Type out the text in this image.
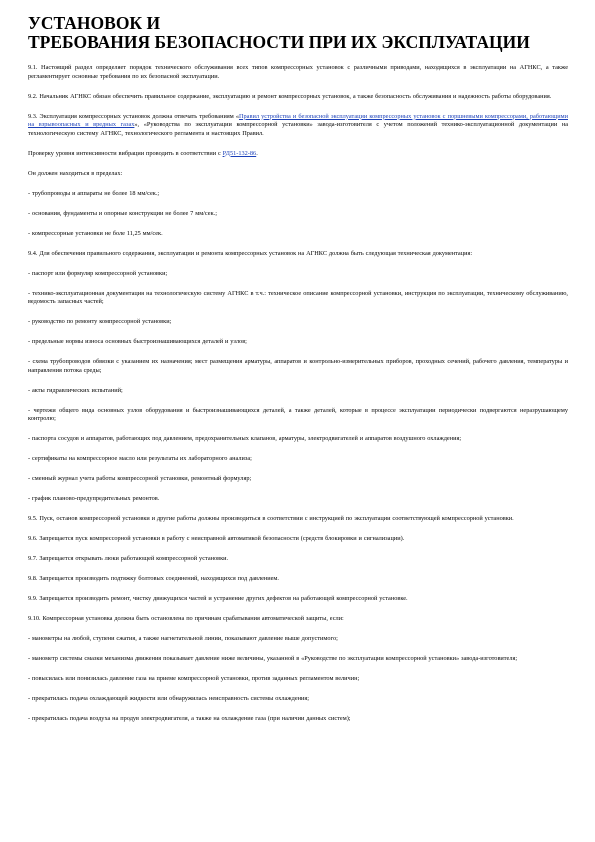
УСТАНОВОК И
ТРЕБОВАНИЯ БЕЗОПАСНОСТИ ПРИ ИХ ЭКСПЛУАТАЦИИ

9.1. Настоящий раздел определяет порядок технического обслуживания всех типов компрессорных установок с различными приводами, находящихся в эксплуатации на АГНКС, а также регламентирует основные требования по их безопасной эксплуатации.

9.2. Начальник АГНКС обязан обеспечить правильное содержание, эксплуатацию и ремонт компрессорных установок, а также безопасность обслуживания и надежность работы оборудования.

9.3. Эксплуатация компрессорных установок должна отвечать требованиям «Правил устройства и безопасной эксплуатации компрессорных установок с поршневыми компрессорами, работающими на взрывоопасных и вредных газах», «Руководства по эксплуатации компрессорной установки» завода-изготовителя с учетом положений технико-эксплуатационной документации на технологическую систему АГНКС, технологического регламента и настоящих Правил.

Проверку уровня интенсивности вибрации проводить в соответствии с РД51-132-86.

Он должен находиться в пределах:

- трубопроводы и аппараты не более 18 мм/сек.;

- основания, фундаменты и опорные конструкции не более 7 мм/сек.;

- компрессорные установки не боле 11,25 мм/сек.

9.4. Для обеспечения правильного содержания, эксплуатации и ремонта компрессорных установок на АГНКС должна быть следующая техническая документация:

- паспорт или формуляр компрессорной установки;

- технико-эксплуатационная документация на технологическую систему АГНКС в т.ч.: техническое описание компрессорной установки, инструкция по эксплуатации, техническому обслуживанию, ведомость запасных частей;

- руководство по ремонту компрессорной установки;

- предельные нормы износа основных быстроизнашивающихся деталей и узлов;

- схема трубопроводов обвязки с указанием их назначения; мест размещения арматуры, аппаратов и контрольно-измерительных приборов, проходных сечений, рабочего давления, температуры и направления потока среды;

- акты гидравлических испытаний;

- чертежи общего вида основных узлов оборудования и быстроизнашивающихся деталей, а также деталей, которые в процессе эксплуатации периодически подвергаются неразрушающему контролю;

- паспорта сосудов и аппаратов, работающих под давлением, предохранительных клапанов, арматуры, электродвигателей и аппаратов воздушного охлаждения;

- сертификаты на компрессорное масло или результаты их лабораторного анализа;

- сменный журнал учета работы компрессорной установки, ремонтный формуляр;

- график планово-предупредительных ремонтов.

9.5. Пуск, останов компрессорной установки и другие работы должны производиться в соответствии с инструкцией по эксплуатации соответствующей компрессорной установки.

9.6. Запрещается пуск компрессорной установки в работу с неисправной автоматикой безопасности (средств блокировки и сигнализации).

9.7. Запрещается открывать люки работающей компрессорной установки.

9.8. Запрещается производить подтяжку болтовых соединений, находящихся под давлением.

9.9. Запрещается производить ремонт, чистку движущихся частей и устранение других дефектов на работающей компрессорной установке.

9.10. Компрессорная установка должна быть остановлена по причинам срабатывания автоматической защиты, если:

- манометры на любой, ступени сжатия, а также нагнетательной линии, показывают давление выше допустимого;

- манометр системы смазки механизма движения показывает давление ниже величины, указанной в «Руководстве по эксплуатации компрессорной установки» завода-изготовителя;

- повысилась или понизилась давление газа на приеме компрессорной установки, против заданных регламентом величин;

- прекратилась подача охлаждающей жидкости или обнаружилась неисправность системы охлаждения;

- прекратилась подача воздуха на продув электродвигателя, а также на охлаждение газа (при наличии данных систем);
